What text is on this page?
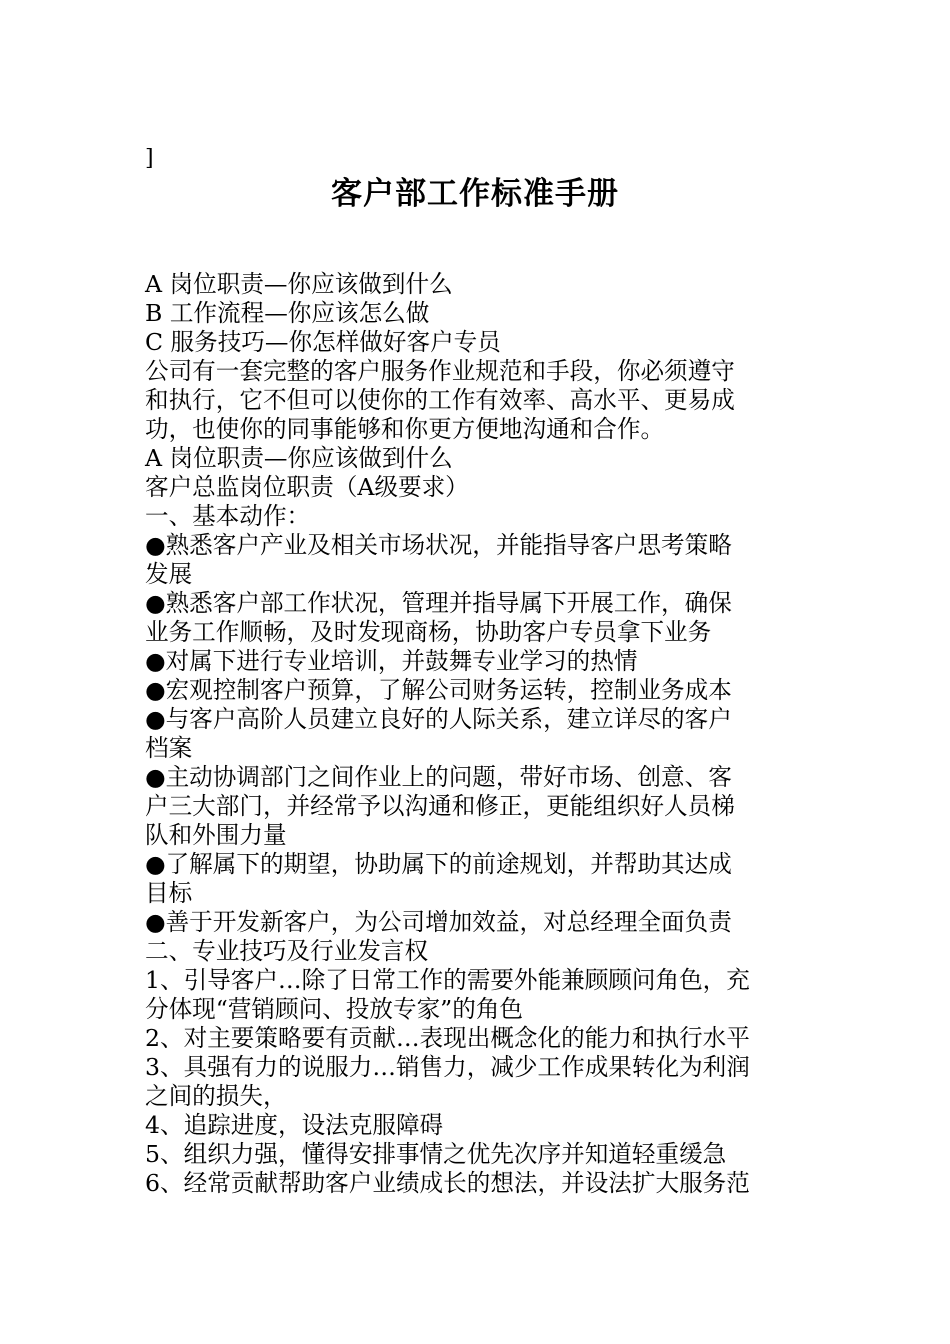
]
客户部工作标准手册
A 岗位职责—你应该做到什么
B 工作流程—你应该怎么做
C 服务技巧—你怎样做好客户专员
公司有一套完整的客户服务作业规范和手段，你必须遵守
和执行，它不但可以使你的工作有效率、高水平、更易成
功，也使你的同事能够和你更方便地沟通和合作。
A 岗位职责—你应该做到什么
客户总监岗位职责（A级要求）
一、基本动作：
●熟悉客户产业及相关市场状况，并能指导客户思考策略
发展
●熟悉客户部工作状况，管理并指导属下开展工作，确保
业务工作顺畅，及时发现商杨，协助客户专员拿下业务
●对属下进行专业培训，并鼓舞专业学习的热情
●宏观控制客户预算，了解公司财务运转，控制业务成本
●与客户高阶人员建立良好的人际关系，建立详尽的客户
档案
●主动协调部门之间作业上的问题，带好市场、创意、客
户三大部门，并经常予以沟通和修正，更能组织好人员梯
队和外围力量
●了解属下的期望，协助属下的前途规划，并帮助其达成
目标
●善于开发新客户，为公司增加效益，对总经理全面负责
二、专业技巧及行业发言权
1、引导客户…除了日常工作的需要外能兼顾顾问角色，充
分体现“营销顾问、投放专家”的角色
2、对主要策略要有贡献…表现出概念化的能力和执行水平
3、具强有力的说服力…销售力，减少工作成果转化为利润
之间的损失，
4、追踪进度，设法克服障碍
5、组织力强，懂得安排事情之优先次序并知道轻重缓急
6、经常贡献帮助客户业绩成长的想法，并设法扩大服务范
